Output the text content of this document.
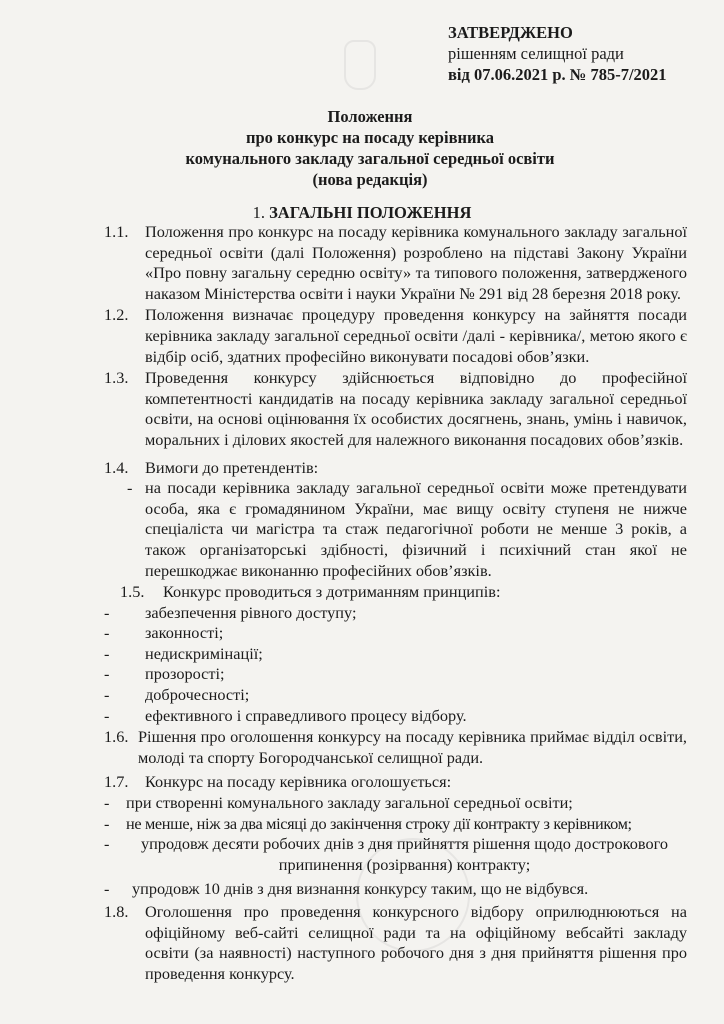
ЗАТВЕРДЖЕНО
рішенням селищної ради
від 07.06.2021 р. № 785-7/2021
Положення
про конкурс на посаду керівника
комунального закладу загальної середньої освіти
(нова редакція)
1. ЗАГАЛЬНІ ПОЛОЖЕННЯ
1.1. Положення про конкурс на посаду керівника комунального закладу загальної середньої освіти (далі Положення) розроблено на підставі Закону України «Про повну загальну середню освіту» та типового положення, затвердженого наказом Міністерства освіти і науки України № 291 від 28 березня 2018 року.
1.2. Положення визначає процедуру проведення конкурсу на зайняття посади керівника закладу загальної середньої освіти /далі - керівника/, метою якого є відбір осіб, здатних професійно виконувати посадові обов’язки.
1.3. Проведення конкурсу здійснюється відповідно до професійної компетентності кандидатів на посаду керівника закладу загальної середньої освіти, на основі оцінювання їх особистих досягнень, знань, умінь і навичок, моральних і ділових якостей для належного виконання посадових обов’язків.
1.4. Вимоги до претендентів:
- на посади керівника закладу загальної середньої освіти може претендувати особа, яка є громадянином України, має вищу освіту ступеня не нижче спеціаліста чи магістра та стаж педагогічної роботи не менше 3 років, а також організаторські здібності, фізичний і психічний стан якої не перешкоджає виконанню професійних обов’язків.
1.5. Конкурс проводиться з дотриманням принципів:
- забезпечення рівного доступу;
- законності;
- недискримінації;
- прозорості;
- доброчесності;
- ефективного і справедливого процесу відбору.
1.6. Рішення про оголошення конкурсу на посаду керівника приймає відділ освіти, молоді та спорту Богородчанської селищної ради.
1.7. Конкурс на посаду керівника оголошується:
- при створенні комунального закладу загальної середньої освіти;
- не менше, ніж за два місяці до закінчення строку дії контракту з керівником;
-	упродовж десяти робочих днів з дня прийняття рішення щодо дострокового припинення (розірвання) контракту;
- упродовж 10 днів з дня визнання конкурсу таким, що не відбувся.
1.8. Оголошення про проведення конкурсного відбору оприлюднюються на офіційному веб-сайті селищної ради та на офіційному вебсайті закладу освіти (за наявності) наступного робочого дня з дня прийняття рішення про проведення конкурсу.
